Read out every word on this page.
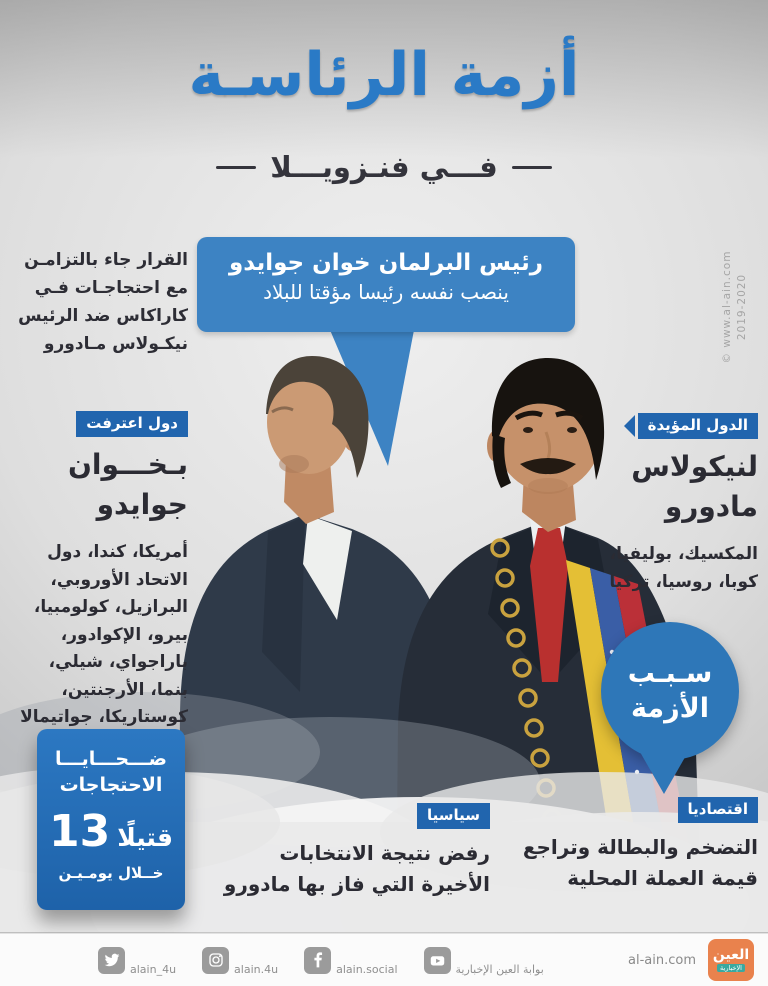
أزمة الرئاسـة
فـــي فنـزويـــلا
© www.al-ain.com 2019-2020
القرار جاء بالتزامـن مع احتجاجـات فـي كاراكاس ضد الرئيس نيكـولاس مـادورو
رئيس البرلمان خوان جوايدو
ينصب نفسه رئيسا مؤقتا للبلاد
دول اعترفت
بـخـــوان
جوايدو
أمريكا، كندا، دول الاتحاد الأوروبي، البرازيل، كولومبيا، بيرو، الإكوادور، باراجواي، شيلي، بنما، الأرجنتين، كوستاريكا، جواتيمالا
الدول المؤيدة
لنيكولاس
مادورو
المكسيك، بوليفيا، كوبا، روسيا، تركيا
سـبـب
الأزمة
ضـــحـــايـــا
الاحتجاجات
13 قتيلًا
خــلال يومـيـن
سياسيا
رفض نتيجة الانتخابات الأخيرة التي فاز بها مادورو
اقتصاديا
التضخم والبطالة وتراجع قيمة العملة المحلية
alain_4u	alain.4u	alain.social	بوابة العين الإخبارية
al-ain.com العين
الإخبارية
